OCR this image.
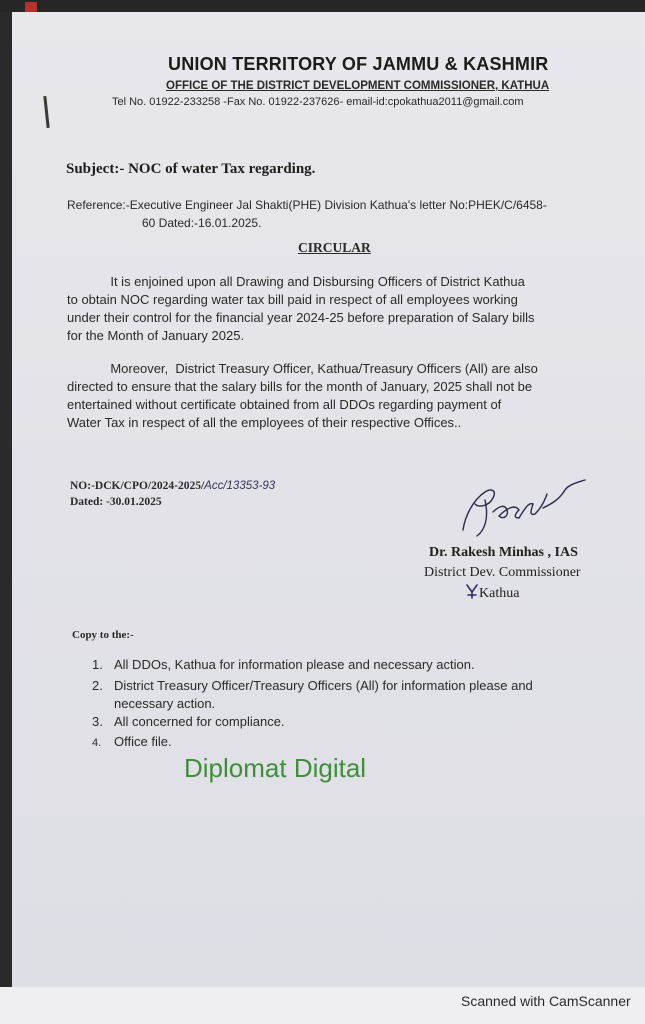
UNION TERRITORY OF JAMMU & KASHMIR
OFFICE OF THE DISTRICT DEVELOPMENT COMMISSIONER, KATHUA
Tel No. 01922-233258 -Fax No. 01922-237626- email-id:cpokathua2011@gmail.com
Subject:- NOC of water Tax regarding.
Reference:-Executive Engineer Jal Shakti(PHE) Division Kathua's letter No:PHEK/C/6458-
60 Dated:-16.01.2025.
CIRCULAR
It is enjoined upon all Drawing and Disbursing Officers of District Kathua
to obtain NOC regarding water tax bill paid in respect of all employees working
under their control for the financial year 2024-25 before preparation of Salary bills
for the Month of January 2025.
Moreover,  District Treasury Officer, Kathua/Treasury Officers (All) are also
directed to ensure that the salary bills for the month of January, 2025 shall not be
entertained without certificate obtained from all DDOs regarding payment of
Water Tax in respect of all the employees of their respective Offices..
NO:-DCK/CPO/2024-2025/Acc/13353-93
Dated: -30.01.2025
Dr. Rakesh Minhas , IAS
District Dev. Commissioner
Kathua
Copy to the:-
1. All DDOs, Kathua for information please and necessary action.
2. District Treasury Officer/Treasury Officers (All) for information please and
necessary action.
3. All concerned for compliance.
4. Office file.
Diplomat Digital
Scanned with CamScanner
